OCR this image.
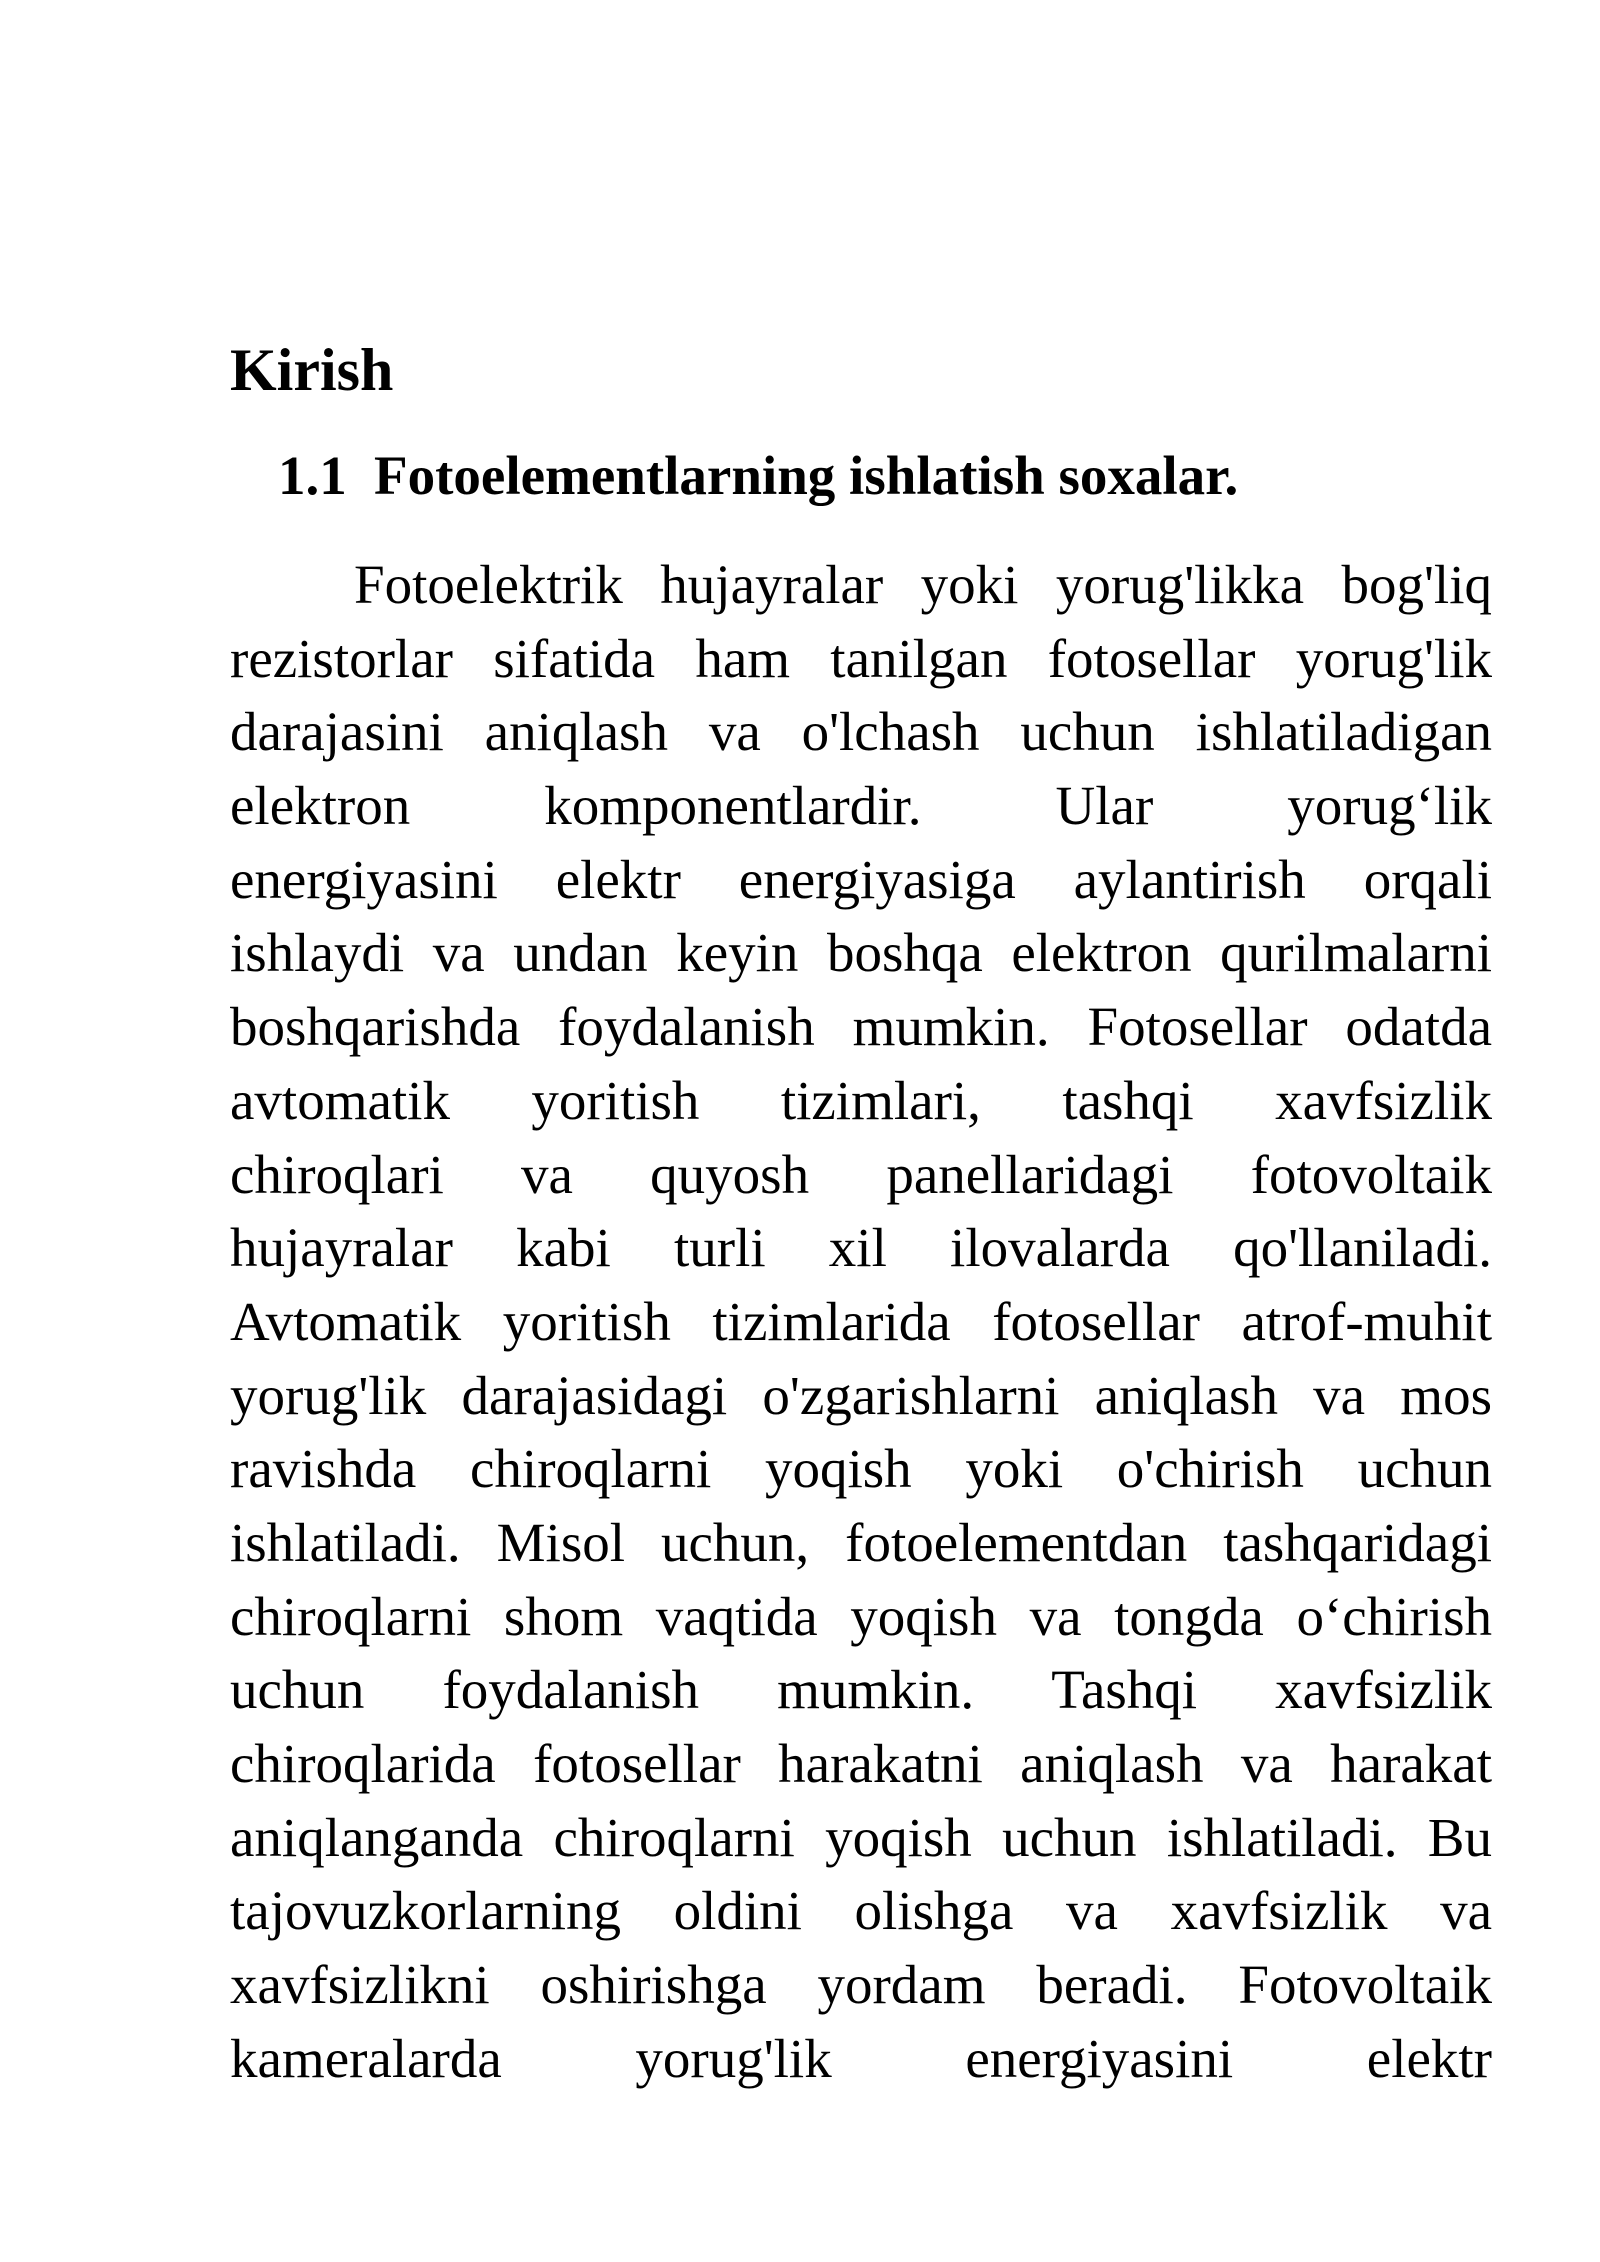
Kirish
1.1 Fotoelementlarning ishlatish soxalar.
Fotoelektrik hujayralar yoki yorug'likka bog'liq
rezistorlar sifatida ham tanilgan fotosellar yorug'lik
darajasini aniqlash va o'lchash uchun ishlatiladigan
elektron komponentlardir. Ular yorug‘lik
energiyasini elektr energiyasiga aylantirish orqali
ishlaydi va undan keyin boshqa elektron qurilmalarni
boshqarishda foydalanish mumkin. Fotosellar odatda
avtomatik yoritish tizimlari, tashqi xavfsizlik
chiroqlari va quyosh panellaridagi fotovoltaik
hujayralar kabi turli xil ilovalarda qo'llaniladi.
Avtomatik yoritish tizimlarida fotosellar atrof-muhit
yorug'lik darajasidagi o'zgarishlarni aniqlash va mos
ravishda chiroqlarni yoqish yoki o'chirish uchun
ishlatiladi. Misol uchun, fotoelementdan tashqaridagi
chiroqlarni shom vaqtida yoqish va tongda o‘chirish
uchun foydalanish mumkin. Tashqi xavfsizlik
chiroqlarida fotosellar harakatni aniqlash va harakat
aniqlanganda chiroqlarni yoqish uchun ishlatiladi. Bu
tajovuzkorlarning oldini olishga va xavfsizlik va
xavfsizlikni oshirishga yordam beradi. Fotovoltaik
kameralarda yorug'lik energiyasini elektr
